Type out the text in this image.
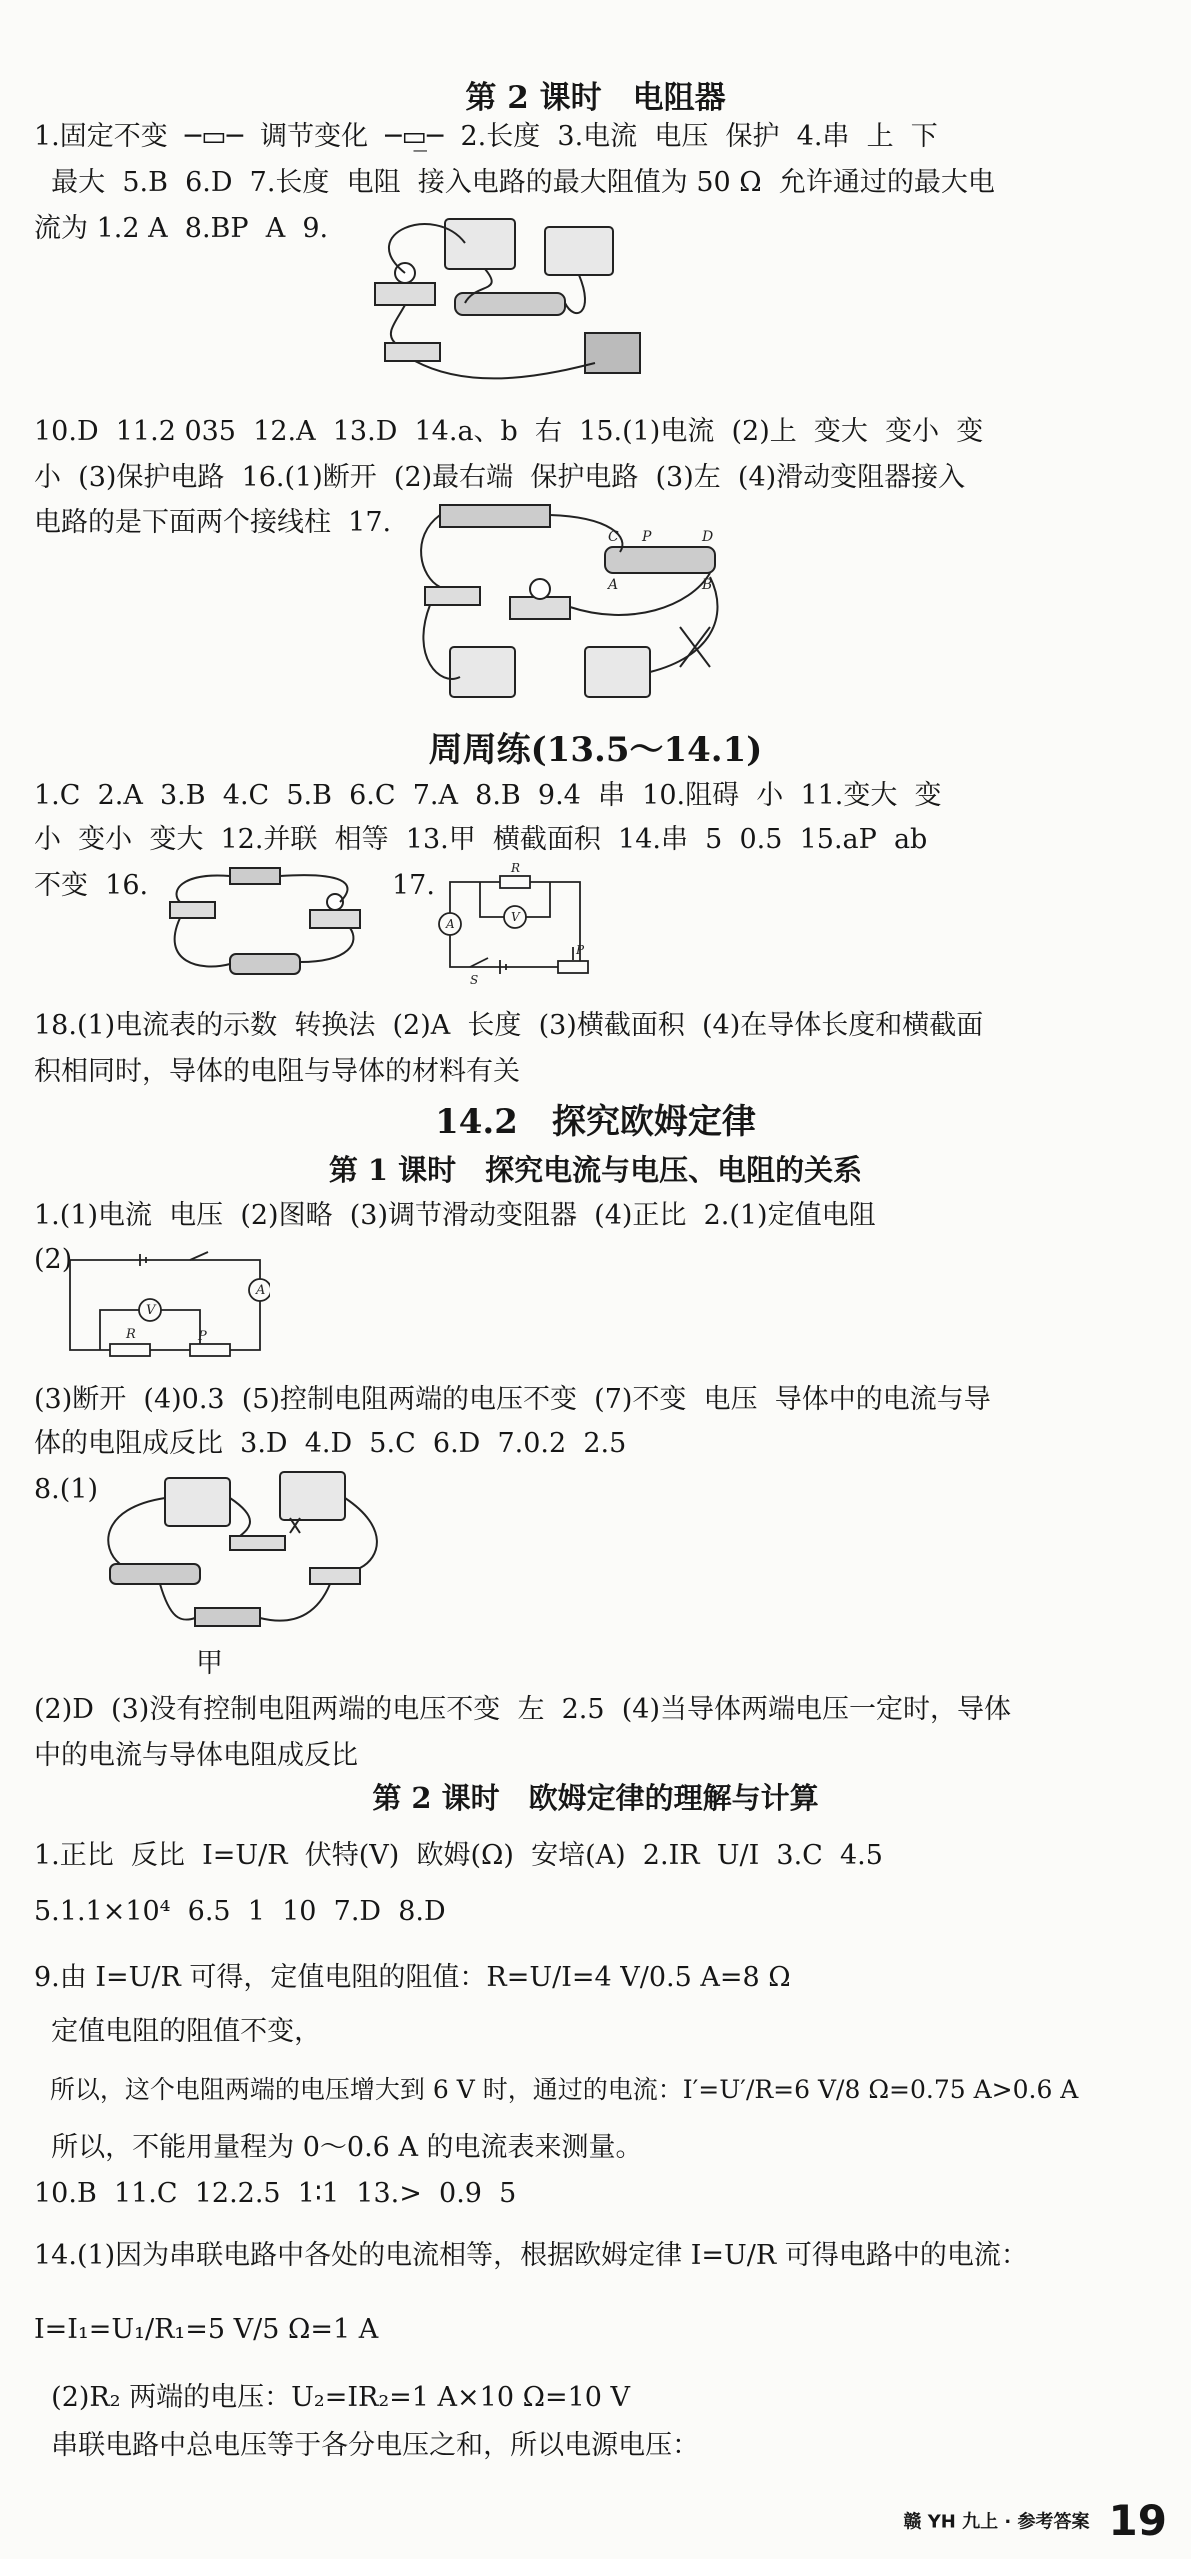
第 2 课时　电阻器
1.固定不变  ─▭─  调节变化  ─▭̲─  2.长度  3.电流  电压  保护  4.串  上  下
最大  5.B  6.D  7.长度  电阻  接入电路的最大阻值为 50 Ω  允许通过的最大电
流为 1.2 A  8.BP  A  9.
10.D  11.2 035  12.A  13.D  14.a、b  右  15.(1)电流  (2)上  变大  变小  变
小  (3)保护电路  16.(1)断开  (2)最右端  保护电路  (3)左  (4)滑动变阻器接入
电路的是下面两个接线柱  17.	C P	D
A	B
周周练(13.5～14.1)
1.C  2.A  3.B  4.C  5.B  6.C  7.A  8.B  9.4  串  10.阻碍  小  11.变大  变
小  变小  变大  12.并联  相等  13.甲  横截面积  14.串  5  0.5  15.aP  ab
不变  16.	17.
R
V
A
P
S
18.(1)电流表的示数  转换法  (2)A  长度  (3)横截面积  (4)在导体长度和横截面
积相同时，导体的电阻与导体的材料有关
14.2　探究欧姆定律
第 1 课时　探究电流与电压、电阻的关系
1.(1)电流  电压  (2)图略  (3)调节滑动变阻器  (4)正比  2.(1)定值电阻
(2)
R	P
V
A
(3)断开  (4)0.3  (5)控制电阻两端的电压不变  (7)不变  电压  导体中的电流与导
体的电阻成反比  3.D  4.D  5.C  6.D  7.0.2  2.5
8.(1)
甲
(2)D  (3)没有控制电阻两端的电压不变  左  2.5  (4)当导体两端电压一定时，导体
中的电流与导体电阻成反比
第 2 课时　欧姆定律的理解与计算
1.正比  反比  I=U/R  伏特(V)  欧姆(Ω)  安培(A)  2.IR  U/I  3.C  4.5
5.1.1×10⁴  6.5  1  10  7.D  8.D
9.由 I=U/R 可得，定值电阻的阻值：R=U/I=4 V/0.5 A=8 Ω
定值电阻的阻值不变，
所以，这个电阻两端的电压增大到 6 V 时，通过的电流：I′=U′/R=6 V/8 Ω=0.75 A>0.6 A
所以，不能用量程为 0～0.6 A 的电流表来测量。
10.B  11.C  12.2.5  1∶1  13.>  0.9  5
14.(1)因为串联电路中各处的电流相等，根据欧姆定律 I=U/R 可得电路中的电流：
I=I₁=U₁/R₁=5 V/5 Ω=1 A
(2)R₂ 两端的电压：U₂=IR₂=1 A×10 Ω=10 V
串联电路中总电压等于各分电压之和，所以电源电压：
赣 YH 九上 · 参考答案 19
